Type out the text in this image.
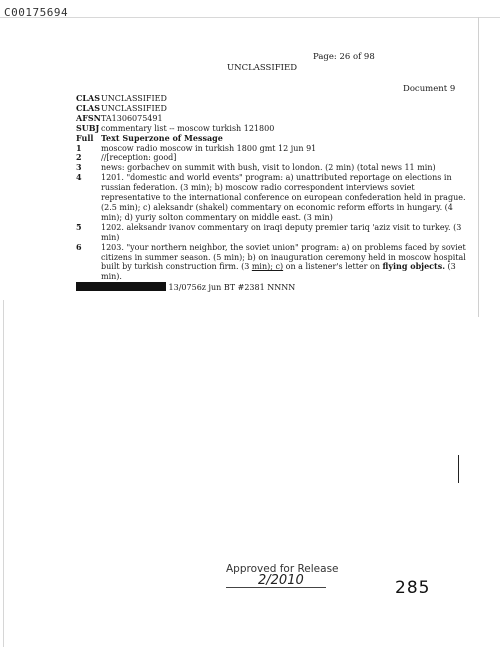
C00175694
Page: 26 of 98
UNCLASSIFIED
Document 9
CLAS UNCLASSIFIED
CLAS UNCLASSIFIED
AFSN TA1306075491
SUBJ commentary list -- moscow turkish 121800
Full Text Superzone of Message
1	moscow radio moscow in turkish 1800 gmt 12 jun 91
2	//[reception: good]
3	news: gorbachev on summit with bush, visit to london. (2 min) (total news 11 min)
4	1201. "domestic and world events" program: a) unattributed reportage on elections in russian federation. (3 min); b) moscow radio correspondent interviews soviet representative to the international conference on european confederation held in prague. (2.5 min); c) aleksandr (shakel) commentary on economic reform efforts in hungary. (4 min); d) yuriy solton commentary on middle east. (3 min)
5	1202. aleksandr ivanov commentary on iraqi deputy premier tariq 'aziz visit to turkey. (3 min)
6	1203. "your northern neighbor, the soviet union" program: a) on problems faced by soviet citizens in summer season. (5 min); b) on inauguration ceremony held in moscow hospital built by turkish construction firm. (3 min); c) on a listener's letter on flying objects. (3 min).
13/0756z jun BT #2381 NNNN
Approved for Release
2/2010	285
